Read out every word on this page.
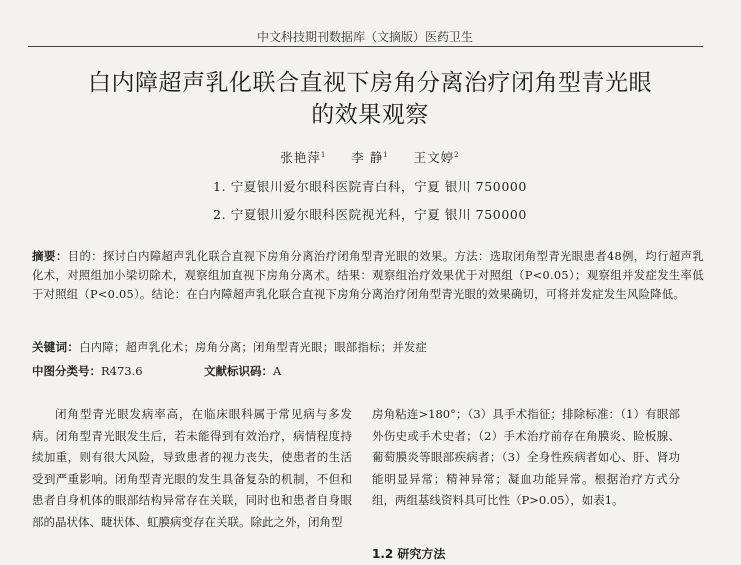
中文科技期刊数据库（文摘版）医药卫生
白内障超声乳化联合直视下房角分离治疗闭角型青光眼
的效果观察
张艳萍$^1$ 李 静$^1$ 王文婷$^2$
1. 宁夏银川爱尔眼科医院青白科，宁夏 银川 750000
2. 宁夏银川爱尔眼科医院视光科，宁夏 银川 750000
摘要：目的：探讨白内障超声乳化联合直视下房角分离治疗闭角型青光眼的效果。方法：选取闭角型青光眼患者48例，均行超声乳化术，对照组加小梁切除术，观察组加直视下房角分离术。结果：观察组治疗效果优于对照组（P<0.05）；观察组并发症发生率低于对照组（P<0.05）。结论：在白内障超声乳化联合直视下房角分离治疗闭角型青光眼的效果确切，可将并发症发生风险降低。
关键词：白内障；超声乳化术；房角分离；闭角型青光眼；眼部指标；并发症
中图分类号：R473.6	文献标识码：A
闭角型青光眼发病率高，在临床眼科属于常见病与多发病。闭角型青光眼发生后，若未能得到有效治疗，病情程度持续加重，则有很大风险，导致患者的视力丧失，使患者的生活受到严重影响。闭角型青光眼的发生具备复杂的机制，不但和患者自身机体的眼部结构异常存在关联，同时也和患者自身眼部的晶状体、睫状体、虹膜病变存在关联。除此之外，闭角型
房角粘连>180°；（3）具手术指征；排除标准：（1）有眼部外伤史或手术史者；（2）手术治疗前存在角膜炎、睑板腺、葡萄膜炎等眼部疾病者；（3）全身性疾病者如心、肝、肾功能明显异常；精神异常；凝血功能异常。根据治疗方式分组，两组基线资料具可比性（P>0.05），如表1。
1.2 研究方法
